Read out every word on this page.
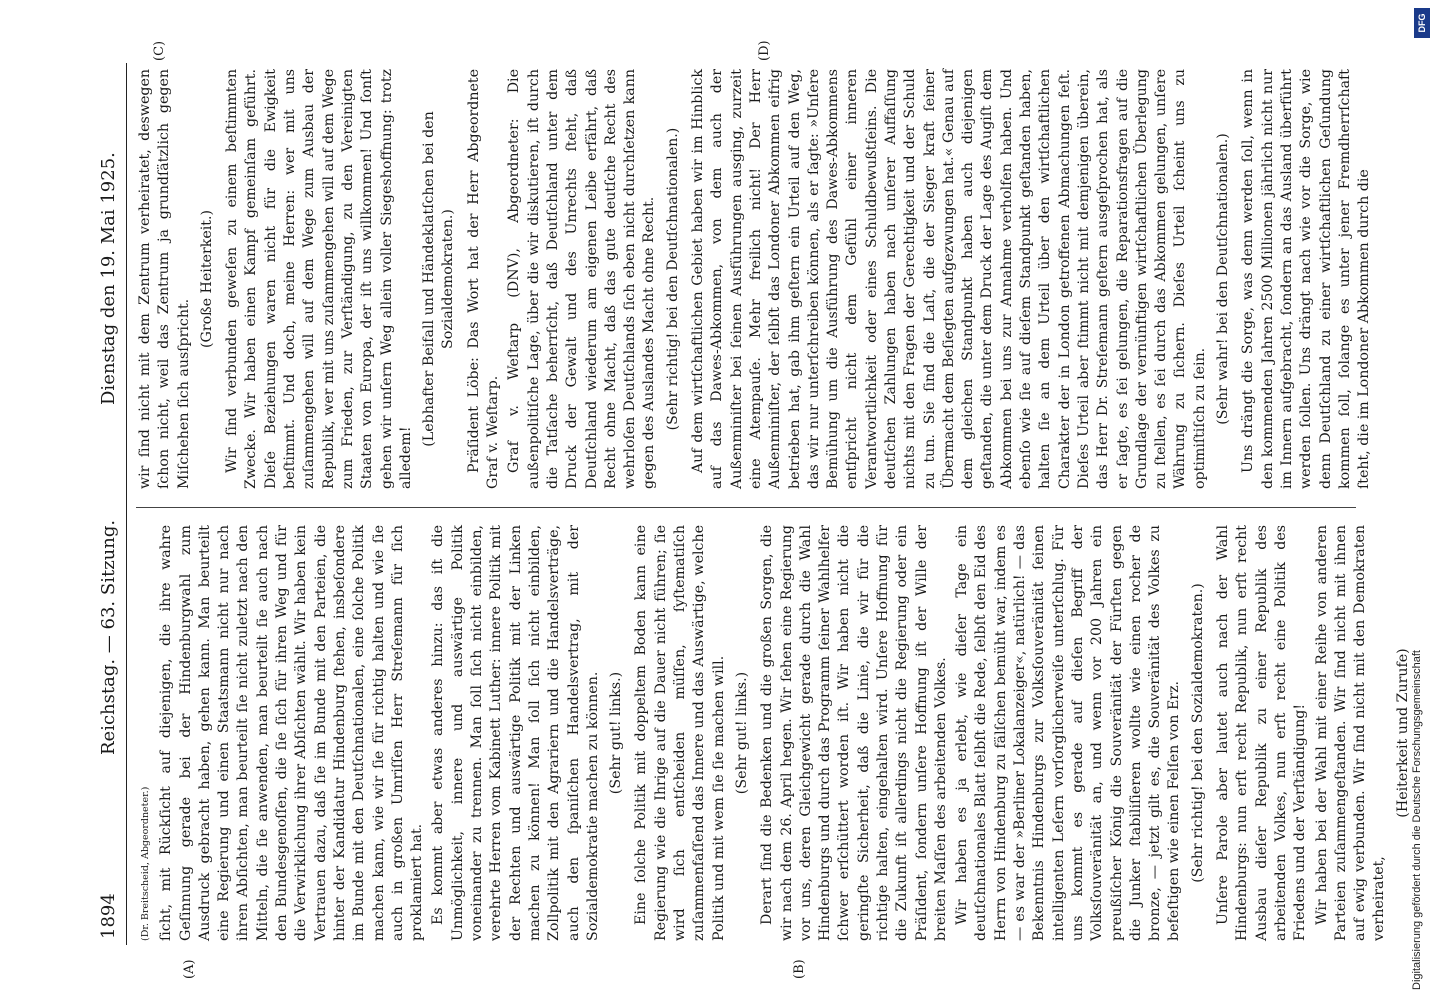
1894
Reichstag. — 63. Sitzung.
Dienstag den 19. Mai 1925.

(Dr. Breitscheid, Abgeordneter.) ſicht, mit Rückſicht auf diejenigen, die ihre wahre Geſinnung gerade bei der Hindenburgwahl zum Ausdruck gebracht haben, gehen kann. Man beurteilt eine Regierung und einen Staatsmann nicht nur nach ihren Abſichten, man beurteilt ſie nicht zuletzt nach den Mitteln, die ſie anwenden, man beurteilt ſie auch nach den Bundesgenoſſen, die ſie ſich für ihren Weg und für die Verwirklichung ihrer Abſichten wählt. Wir haben kein Vertrauen dazu, daß ſie im Bunde mit den Parteien, die hinter der Kandidatur Hindenburg ſtehen, insbeſondere im Bunde mit den Deutſchnationalen, eine ſolche Politik machen kann, wie wir ſie für richtig halten und wie ſie auch in großen Umriſſen Herr Streſemann für ſich proklamiert hat. Es kommt aber etwas anderes hinzu: das iſt die Unmöglichkeit, innere und auswärtige Politik voneinander zu trennen. Man ſoll ſich nicht einbilden, verehrte Herren vom Kabinett Luther: innere Politik mit der Rechten und auswärtige Politik mit der Linken machen zu können! Man ſoll ſich nicht einbilden, Zollpolitik mit den Agrariern und die Handelsverträge, auch den ſpaniſchen Handelsvertrag, mit der Sozialdemokratie machen zu können. (Sehr gut! links.) Eine ſolche Politik mit doppeltem Boden kann eine Regierung wie die Ihrige auf die Dauer nicht führen; ſie wird ſich entſcheiden müſſen, ſyſtematiſch zuſammenfaſſend das Innere und das Auswärtige, welche Politik und mit wem ſie ſie machen will. (Sehr gut! links.) Derart ſind die Bedenken und die großen Sorgen, die wir nach dem 26. April hegen. Wir ſehen eine Regierung vor uns, deren Gleichgewicht gerade durch die Wahl Hindenburgs und durch das Programm ſeiner Wahlhelfer ſchwer erſchüttert worden iſt. Wir haben nicht die geringſte Sicherheit, daß die Linie, die wir für die richtige halten, eingehalten wird. Unſere Hoffnung für die Zukunft iſt allerdings nicht die Regierung oder ein Präſident, ſondern unſere Hoffnung iſt der Wille der breiten Maſſen des arbeitenden Volkes. Wir haben es ja erlebt, wie dieſer Tage ein deutſchnationales Blatt ſelbſt die Rede, ſelbſt den Eid des Herrn von Hindenburg zu fälſchen bemüht war, indem es — es war der »Berliner Lokalanzeiger«, natürlich! — das Bekenntnis Hindenburgs zur Volksſouveränität ſeinen intelligenten Leſern vorſorglicherweiſe unterſchlug. Für uns kommt es gerade auf dieſen Begriff der Volksſouveränität an, und wenn vor 200 Jahren ein preußiſcher König die Souveränität der Fürſten gegen die Junker ſtabiliſieren wollte wie einen rocher de bronze, — jetzt gilt es, die Souveränität des Volkes zu befeſtigen wie einen Felſen von Erz. (Sehr richtig! bei den Sozialdemokraten.) Unſere Parole aber lautet auch nach der Wahl Hindenburgs: nun erſt recht Republik, nun erſt recht Ausbau dieſer Republik zu einer Republik des arbeitenden Volkes, nun erſt recht eine Politik des Friedens und der Verſtändigung! Wir haben bei der Wahl mit einer Reihe von anderen Parteien zuſammengeſtanden. Wir ſind nicht mit ihnen auf ewig verbunden. Wir ſind nicht mit den Demokraten verheiratet,

(Heiterkeit und Zurufe)

wir ſind nicht mit dem Zentrum verheiratet, deswegen ſchon nicht, weil das Zentrum ja grundſätzlich gegen Miſchehen ſich ausſpricht.

(Große Heiterkeit.) Wir ſind verbunden geweſen zu einem beſtimmten Zwecke. Wir haben einen Kampf gemeinſam geführt. Dieſe Beziehungen waren nicht für die Ewigkeit beſtimmt. Und doch, meine Herren: wer mit uns zuſammengehen will auf dem Wege zum Ausbau der Republik, wer mit uns zuſammengehen will auf dem Wege zum Frieden, zur Verſtändigung, zu den Vereinigten Staaten von Europa, der iſt uns willkommen! Und ſonſt gehen wir unſern Weg allein voller Siegeshoffnung: trotz alledem!

(Lebhafter Beifall und Händeklatſchen bei den Sozialdemokraten.) Präſident Löbe: Das Wort hat der Herr Abgeordnete Graf v. Weſtarp. Graf v. Weſtarp (DNV), Abgeordneter: Die außenpolitiſche Lage, über die wir diskutieren, iſt durch die Tatſache beherrſcht, daß Deutſchland unter dem Druck der Gewalt und des Unrechts ſteht, daß Deutſchland wiederum am eigenen Leibe erfährt, daß Recht ohne Macht, daß das gute deutſche Recht des wehrloſen Deutſchlands ſich eben nicht durchſetzen kann gegen des Auslandes Macht ohne Recht. (Sehr richtig! bei den Deutſchnationalen.) Auf dem wirtſchaftlichen Gebiet haben wir im Hinblick auf das Dawes-Abkommen, von dem auch der Außenminiſter bei ſeinen Ausführungen ausging, zurzeit eine Atempauſe. Mehr freilich nicht! Der Herr Außenminiſter, der ſelbſt das Londoner Abkommen eifrig betrieben hat, gab ihm geſtern ein Urteil auf den Weg, das wir nur unterſchreiben können, als er ſagte: »Unſere Bemühung um die Ausführung des Dawes-Abkommens entſpricht nicht dem Gefühl einer inneren Verantwortlichkeit oder eines Schuldbewußtſeins. Die deutſchen Zahlungen haben nach unſerer Auffaſſung nichts mit den Fragen der Gerechtigkeit und der Schuld zu tun. Sie ſind die Laſt, die der Sieger kraft ſeiner Übermacht dem Beſiegten aufgezwungen hat.« Genau auf dem gleichen Standpunkt haben auch diejenigen geſtanden, die unter dem Druck der Lage des Augiſt dem Abkommen bei uns zur Annahme verholfen haben. Und ebenſo wie ſie auf dieſem Standpunkt geſtanden haben, halten ſie an dem Urteil über den wirtſchaftlichen Charakter der in London getroffenen Abmachungen feſt. Dieſes Urteil aber ſtimmt nicht mit demjenigen überein, das Herr Dr. Streſemann geſtern ausgeſprochen hat, als er ſagte, es ſei gelungen, die Reparationsfragen auf die Grundlage der vernünftigen wirtſchaftlichen Überlegung zu ſtellen, es ſei durch das Abkommen gelungen, unſere Währung zu ſichern. Dieſes Urteil ſcheint uns zu optimiſtiſch zu ſein. (Sehr wahr! bei den Deutſchnationalen.) Uns drängt die Sorge, was denn werden ſoll, wenn in den kommenden Jahren 2500 Millionen jährlich nicht nur im Innern aufgebracht, ſondern an das Ausland überführt werden ſollen. Uns drängt nach wie vor die Sorge, wie denn Deutſchland zu einer wirtſchaftlichen Geſundung kommen ſoll, ſolange es unter jener Fremdherrſchaft ſteht, die im Londoner Abkommen durch die

(A)	(B)
(C)	(D)
Digitalisierung gefördert durch die Deutsche Forschungsgemeinschaft
DFG
